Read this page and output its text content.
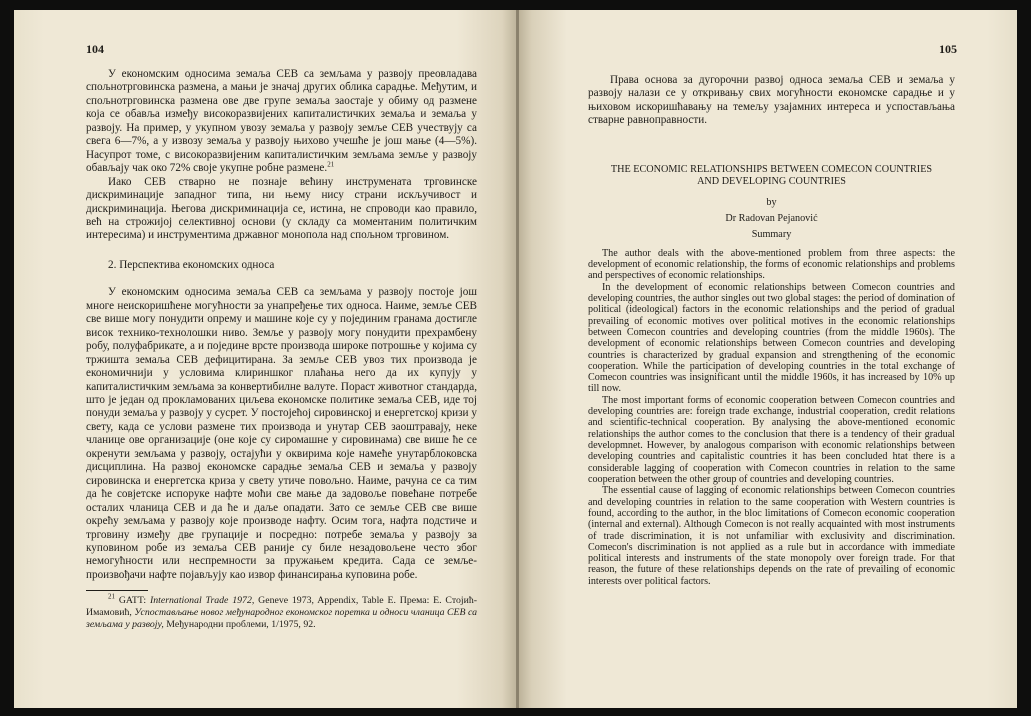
104

У економским односима земаља СЕВ са земљама у развоју преовладава спољнотрговинска размена, а мањи је значај других облика сарадње. Међутим, и спољнотрговинска размена ове две групе земаља заостаје у обиму од размене која се обавља између високоразвијених капиталистичких земаља и земаља у развоју. На пример, у укупном увозу земаља у развоју земље СЕВ учествују са свега 6—7%, а у извозу земаља у развоју њихово учешће је још мање (4—5%). Насупрот томе, с високоразвијеним капиталистичким земљама земље у развоју обављају чак око 72% своје укупне робне размене.$^{21}$

Иако СЕВ стварно не познаје већину инструмената трговинске дискриминације западног типа, ни њему нису страни искључивост и дискриминација. Његова дискриминација се, истина, не спроводи као правило, већ на строжијој селективној основи (у складу са моментаним политичким интересима) и инструментима државног монопола над спољном трговином.

2. Перспектива економских односа

У економским односима земаља СЕВ са земљама у развоју постоје још многе неискоришћене могућности за унапређење тих односа. Наиме, земље СЕВ све више могу понудити опрему и машине које су у појединим гранама достигле висок технико-технолошки ниво. Земље у развоју могу понудити прехрамбену робу, полуфабрикате, а и поједине врсте производа широке потрошње у којима су тржишта земаља СЕВ дефицитирана. За земље СЕВ увоз тих производа је економичнији у условима клириншког плаћања него да их купују у капиталистичким земљама за конвертибилне валуте. Пораст животног стандарда, што је један од прокламованих циљева економске политике земаља СЕВ, иде тој понуди земаља у развоју у сусрет. У постојећој сировинској и енергетској кризи у свету, када се услови размене тих производа и унутар СЕВ заоштравају, неке чланице ове организације (оне које су сиромашне у сировинама) све више ће се окренути земљама у развоју, остајући у оквирима које намеће унутарблоковска дисциплина. На развој економске сарадње земаља СЕВ и земаља у развоју сировинска и енергетска криза у свету утиче повољно. Наиме, рачуна се са тим да ће совјетске испоруке нафте моћи све мање да задовоље повећане потребе осталих чланица СЕВ и да ће и даље опадати. Зато се земље СЕВ све више окрећу земљама у развоју које производе нафту. Осим тога, нафта подстиче и трговину између две групације и посредно: потребе земаља у развоју за куповином робе из земаља СЕВ раније су биле незадовољене често због немогућности или неспремности за пружањем кредита. Сада се земље-произвођачи нафте појављују као извор финансирања куповина робе.

$^{21}$ GATT: International Trade 1972, Geneve 1973, Appendix, Table E. Према: Е. Стојић-Имамовић, Успостављање новог међународног економског поретка и односи чланица СЕВ са земљама у развоју, Међународни проблеми, 1/1975, 92.

105

Права основа за дугорочни развој односа земаља СЕВ и земаља у развоју налази се у откривању свих могућности економске сарадње и у њиховом искоришћавању на темељу узајамних интереса и успостављања стварне равноправности.

THE ECONOMIC RELATIONSHIPS BETWEEN COMECON COUNTRIES
AND DEVELOPING COUNTRIES

by

Dr Radovan Pejanović

Summary

The author deals with the above-mentioned problem from three aspects: the development of economic relationship, the forms of economic relationships and problems and perspectives of economic relationships.

In the development of economic relationships between Comecon countries and developing countries, the author singles out two global stages: the period of domination of political (ideological) factors in the economic relationships and the period of gradual prevailing of economic motives over political motives in the economic relationships between Comecon countries and developing countries (from the middle 1960s). The development of economic relationships between Comecon countries and developing countries is characterized by gradual expansion and strengthening of the economic cooperation. While the participation of developing countries in the total exchange of Comecon countries was insignificant until the middle 1960s, it has increased by 10% up till now.

The most important forms of economic cooperation between Comecon countries and developing countries are: foreign trade exchange, industrial cooperation, credit relations and scientific-technical cooperation. By analysing the above-mentioned economic relationships the author comes to the conclusion that there is a tendency of their gradual developmnet. However, by analogous comparison with economic relationships between developing countries and capitalistic countries it has been concluded htat there is a considerable lagging of cooperation with Comecon countries in relation to the same cooperation between the other group of countries and developing countries.

The essential cause of lagging of economic relationships between Comecon countries and developing countries in relation to the same cooperation with Western countries is found, according to the author, in the bloc limitations of Comecon economic cooperation (internal and external). Although Comecon is not really acquainted with most instruments of trade discrimination, it is not unfamiliar with exclusivity and discrimination. Comecon's discrimination is not applied as a rule but in accordance with immediate political interests and instruments of the state monopoly over foreign trade. For that reason, the future of these relationships depends on the rate of prevailing of economic interests over political factors.
